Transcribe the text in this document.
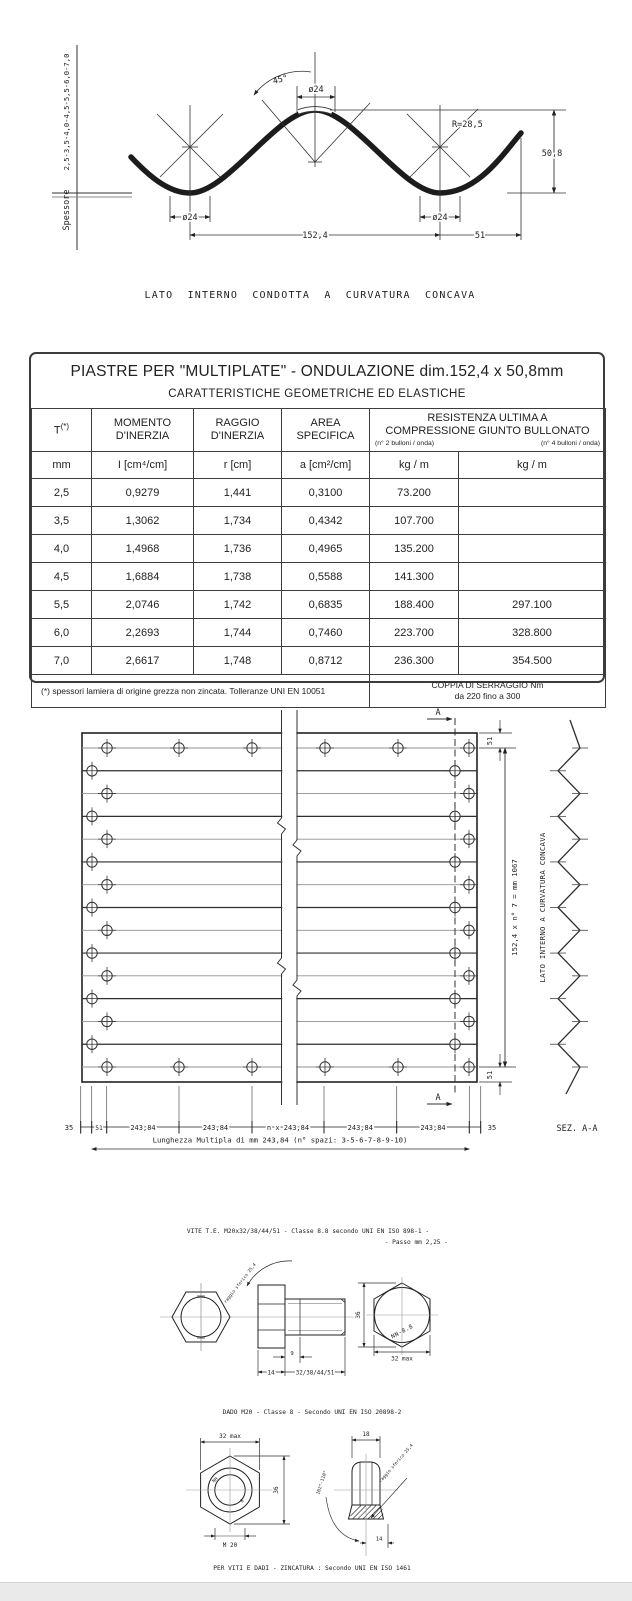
2,5-3,5-4,0-4,5-5,5-6,0-7,0
Spessore
45°
ø24
R=28,5
ø24	ø24
50,8
152,4	51
LATO INTERNO CONDOTTA A CURVATURA CONCAVA
PIASTRE PER "MULTIPLATE" - ONDULAZIONE dim.152,4 x 50,8mm
CARATTERISTICHE GEOMETRICHE ED ELASTICHE
T(*)	MOMENTO D'INERZIA	RAGGIO D'INERZIA	AREA SPECIFICA	RESISTENZA ULTIMA A
COMPRESSIONE GIUNTO BULLONATO
(n° 2 bulloni / onda) (n° 4 bulloni / onda)	

mm	I [cm⁴/cm]	r [cm]	a [cm²/cm]	kg / m	kg / m
2,5	0,9279	1,441	0,3100	73.200	
3,5	1,3062	1,734	0,4342	107.700	
4,0	1,4968	1,736	0,4965	135.200	
4,5	1,6884	1,738	0,5588	141.300	
5,5	2,0746	1,742	0,6835	188.400	297.100
6,0	2,2693	1,744	0,7460	223.700	328.800
7,0	2,6617	1,748	0,8712	236.300	354.500
(*) spessori lamiera di origine grezza non zincata. Tolleranze UNI EN 10051				COPPIA DI SERRAGGIO Nm
da 220 fino a 300	
A
A
51
51
152,4 x n° 7 = mm 1067	LATO INTERNO A CURVATURA CONCAVA
SEZ. A-A
35	51	243,84	243,84	n x 243,84	243,84	243,84	35
Lunghezza Multipla di mm 243,84 (n° spazi: 3-5-6-7-8-9-10)
VITE T.E. M20x32/38/44/51 - Classe 8.8 secondo UNI EN ISO 898-1 -
- Passo mm 2,25 -
raggio sferico 25,4
9
14	32/38/44/51
NN-8.8
36
32 max
DADO M20 - Classe 8 - Secondo UNI EN ISO 20898-2
NH
8
32 max
36
M 20
18
102°-110°	raggio sferico 25,4
14
PER VITI E DADI - ZINCATURA : Secondo UNI EN ISO 1461
